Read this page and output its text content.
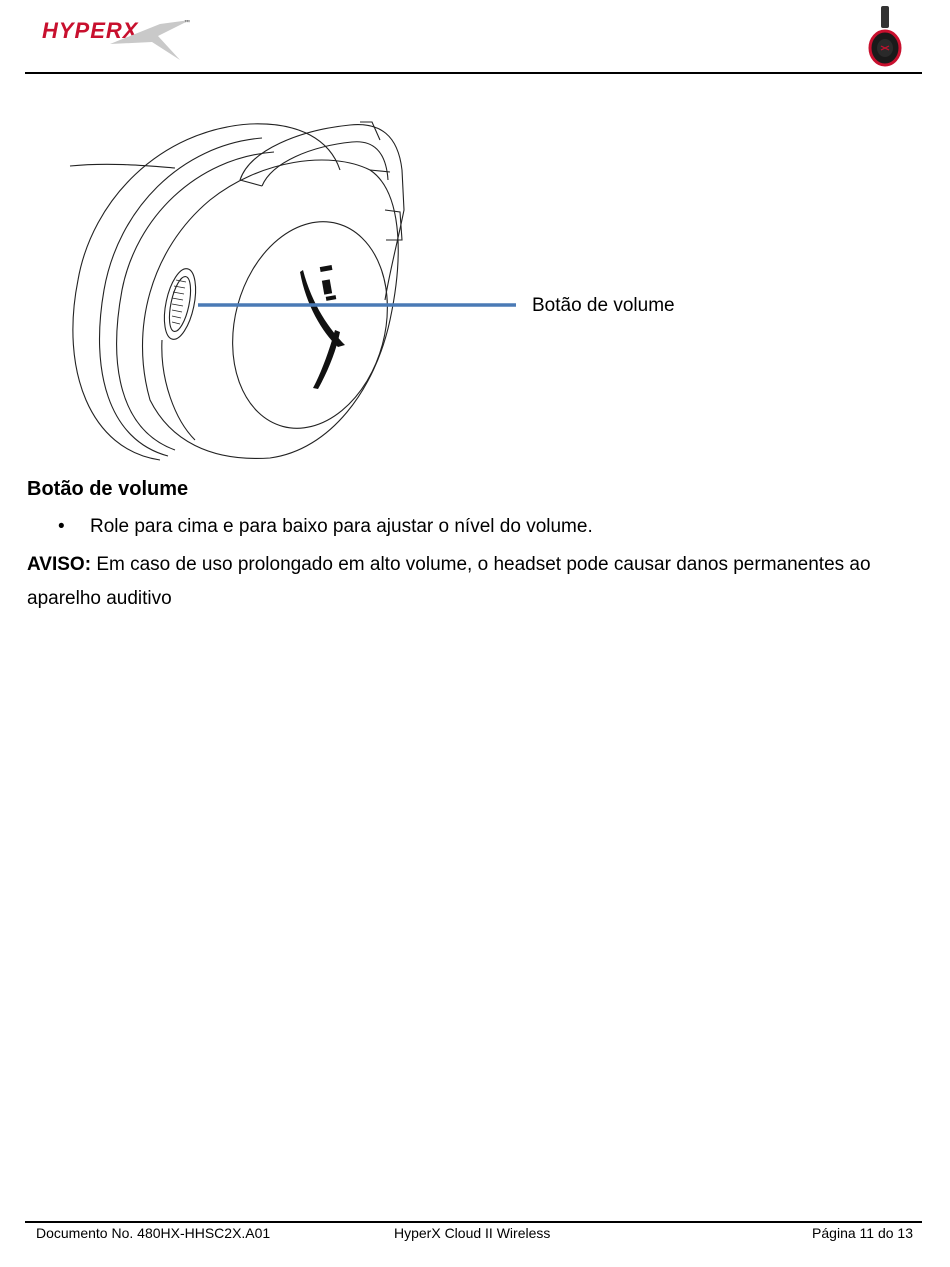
HYPERX	™
Botão de volume
Botão de volume
• Role para cima e para baixo para ajustar o nível do volume.
AVISO: Em caso de uso prolongado em alto volume, o headset pode causar danos permanentes ao aparelho auditivo
Documento No. 480HX-HHSC2X.A01	HyperX Cloud II Wireless	Página 11 do 13
